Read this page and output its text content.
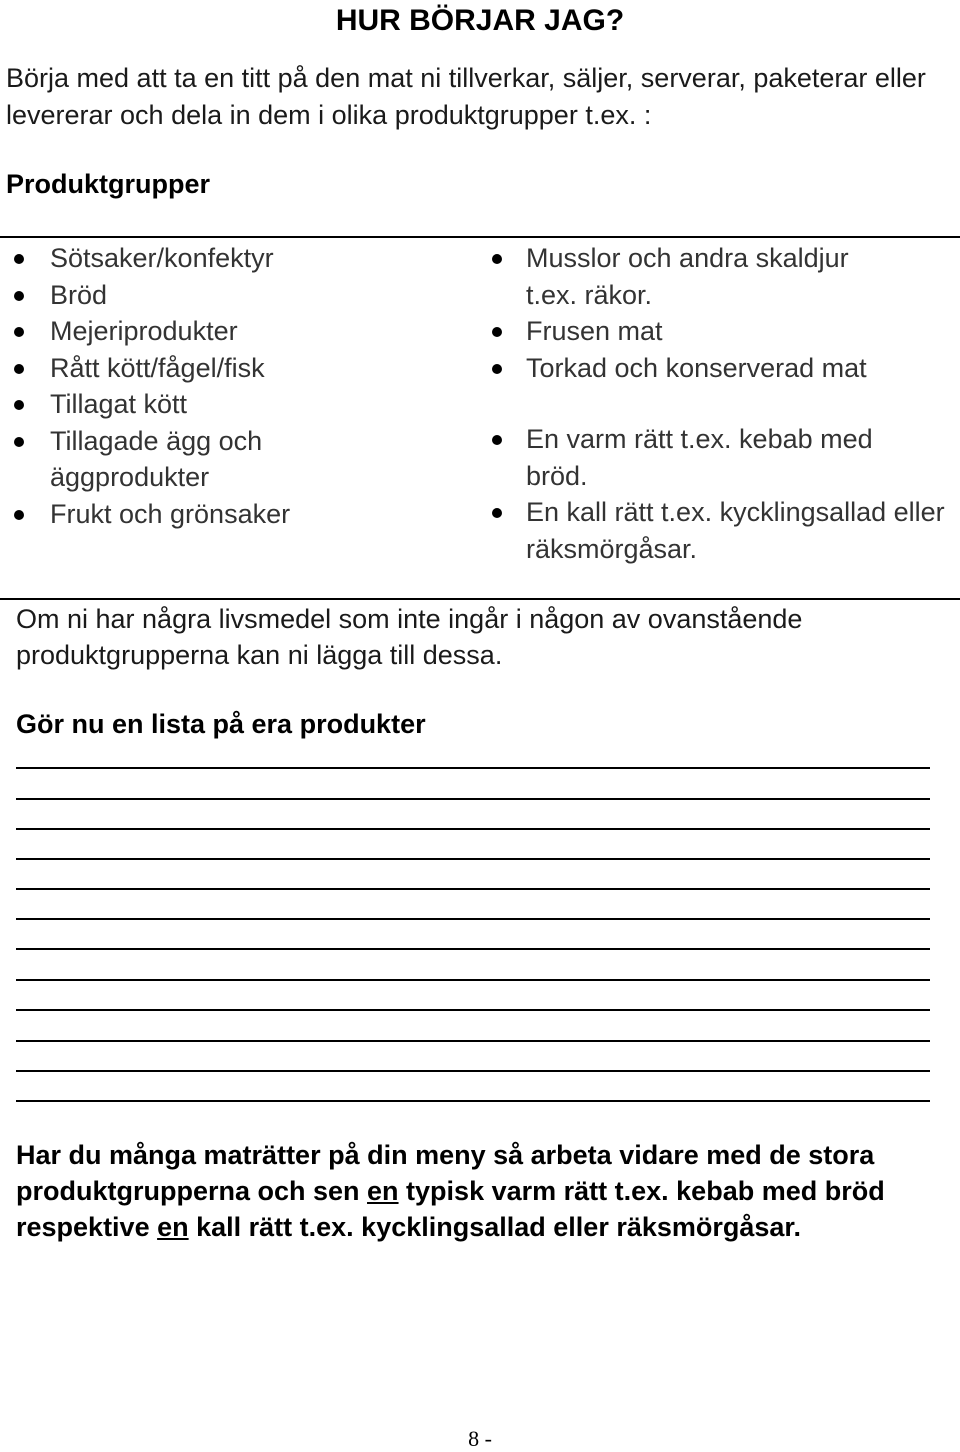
HUR BÖRJAR JAG?
Börja med att ta en titt på den mat ni tillverkar, säljer, serverar, paketerar eller levererar och dela in dem i olika produktgrupper t.ex. :
Produktgrupper
Sötsaker/konfektyr
Bröd
Mejeriprodukter
Rått kött/fågel/fisk
Tillagat kött
Tillagade ägg och äggprodukter
Frukt och grönsaker
Musslor och andra skaldjur t.ex. räkor.
Frusen mat
Torkad och konserverad mat
En varm rätt t.ex. kebab med bröd.
En kall rätt t.ex. kycklingsallad eller räksmörgåsar.
Om ni har några livsmedel som inte ingår i någon av ovanstående produktgrupperna kan ni lägga till dessa.
Gör nu en lista på era produkter
Har du många maträtter på din meny så arbeta vidare med de stora produktgrupperna och sen en typisk varm rätt t.ex. kebab med bröd respektive en kall rätt t.ex. kycklingsallad eller räksmörgåsar.
8 -
